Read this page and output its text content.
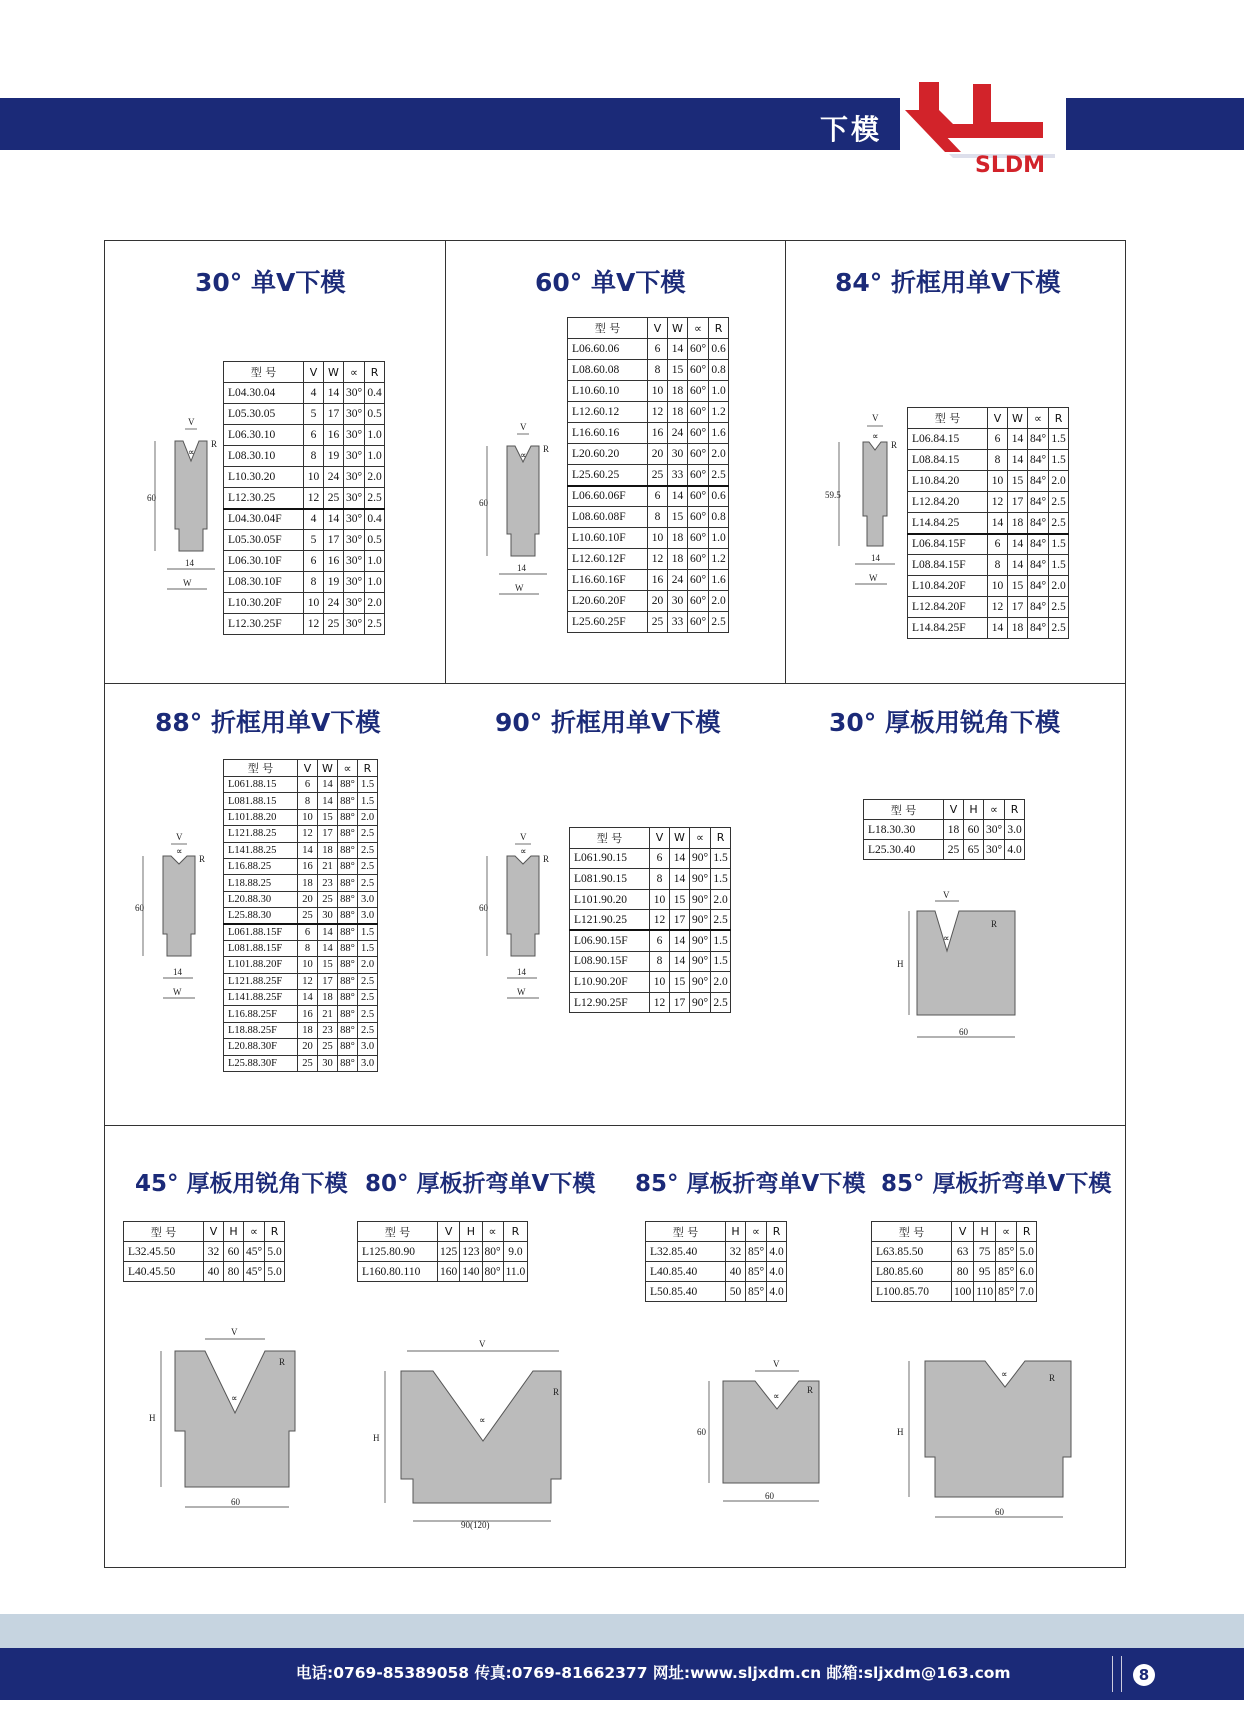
下模
SLDM
30° 单V下模
型 号	V	W	∝	R
L04.30.04	4	14	30°	0.4
L05.30.05	5	17	30°	0.5
L06.30.10	6	16	30°	1.0
L08.30.10	8	19	30°	1.0
L10.30.20	10	24	30°	2.0
L12.30.25	12	25	30°	2.5
L04.30.04F	4	14	30°	0.4
L05.30.05F	5	17	30°	0.5
L06.30.10F	6	16	30°	1.0
L08.30.10F	8	19	30°	1.0
L10.30.20F	10	24	30°	2.0
L12.30.25F	12	25	30°	2.5
V
∝
R
60
14
W
60° 单V下模
型 号	V	W	∝	R
L06.60.06	6	14	60°	0.6
L08.60.08	8	15	60°	0.8
L10.60.10	10	18	60°	1.0
L12.60.12	12	18	60°	1.2
L16.60.16	16	24	60°	1.6
L20.60.20	20	30	60°	2.0
L25.60.25	25	33	60°	2.5
L06.60.06F	6	14	60°	0.6
L08.60.08F	8	15	60°	0.8
L10.60.10F	10	18	60°	1.0
L12.60.12F	12	18	60°	1.2
L16.60.16F	16	24	60°	1.6
L20.60.20F	20	30	60°	2.0
L25.60.25F	25	33	60°	2.5
V
∝
R
60
14
W
84° 折框用单V下模
型 号	V	W	∝	R
L06.84.15	6	14	84°	1.5
L08.84.15	8	14	84°	1.5
L10.84.20	10	15	84°	2.0
L12.84.20	12	17	84°	2.5
L14.84.25	14	18	84°	2.5
L06.84.15F	6	14	84°	1.5
L08.84.15F	8	14	84°	1.5
L10.84.20F	10	15	84°	2.0
L12.84.20F	12	17	84°	2.5
L14.84.25F	14	18	84°	2.5
V
∝
R
59.5
14
W
88° 折框用单V下模
型 号	V	W	∝	R
L061.88.15	6	14	88°	1.5
L081.88.15	8	14	88°	1.5
L101.88.20	10	15	88°	2.0
L121.88.25	12	17	88°	2.5
L141.88.25	14	18	88°	2.5
L16.88.25	16	21	88°	2.5
L18.88.25	18	23	88°	2.5
L20.88.30	20	25	88°	3.0
L25.88.30	25	30	88°	3.0
L061.88.15F	6	14	88°	1.5
L081.88.15F	8	14	88°	1.5
L101.88.20F	10	15	88°	2.0
L121.88.25F	12	17	88°	2.5
L141.88.25F	14	18	88°	2.5
L16.88.25F	16	21	88°	2.5
L18.88.25F	18	23	88°	2.5
L20.88.30F	20	25	88°	3.0
L25.88.30F	25	30	88°	3.0
V
∝
R
60
14
W
90° 折框用单V下模
型 号	V	W	∝	R
L061.90.15	6	14	90°	1.5
L081.90.15	8	14	90°	1.5
L101.90.20	10	15	90°	2.0
L121.90.25	12	17	90°	2.5
L06.90.15F	6	14	90°	1.5
L08.90.15F	8	14	90°	1.5
L10.90.20F	10	15	90°	2.0
L12.90.25F	12	17	90°	2.5
V
∝
R
60
14
W
30° 厚板用锐角下模
型 号	V	H	∝	R
L18.30.30	18	60	30°	3.0
L25.30.40	25	65	30°	4.0
V
∝
R
H
60
45° 厚板用锐角下模
型 号	V	H	∝	R
L32.45.50	32	60	45°	5.0
L40.45.50	40	80	45°	5.0
V
∝
R
H
60
80° 厚板折弯单V下模
型 号	V	H	∝	R
L125.80.90	125	123	80°	9.0
L160.80.110	160	140	80°	11.0
V
∝
R
H
90(120)
85° 厚板折弯单V下模
型 号	H	∝	R
L32.85.40	32	85°	4.0
L40.85.40	40	85°	4.0
L50.85.40	50	85°	4.0
V
∝
R
60
60
85° 厚板折弯单V下模
型 号	V	H	∝	R
L63.85.50	63	75	85°	5.0
L80.85.60	80	95	85°	6.0
L100.85.70	100	110	85°	7.0
∝	R
H
60
电话:0769-85389058 传真:0769-81662377 网址:www.sljxdm.cn 邮箱:sljxdm@163.com	8
